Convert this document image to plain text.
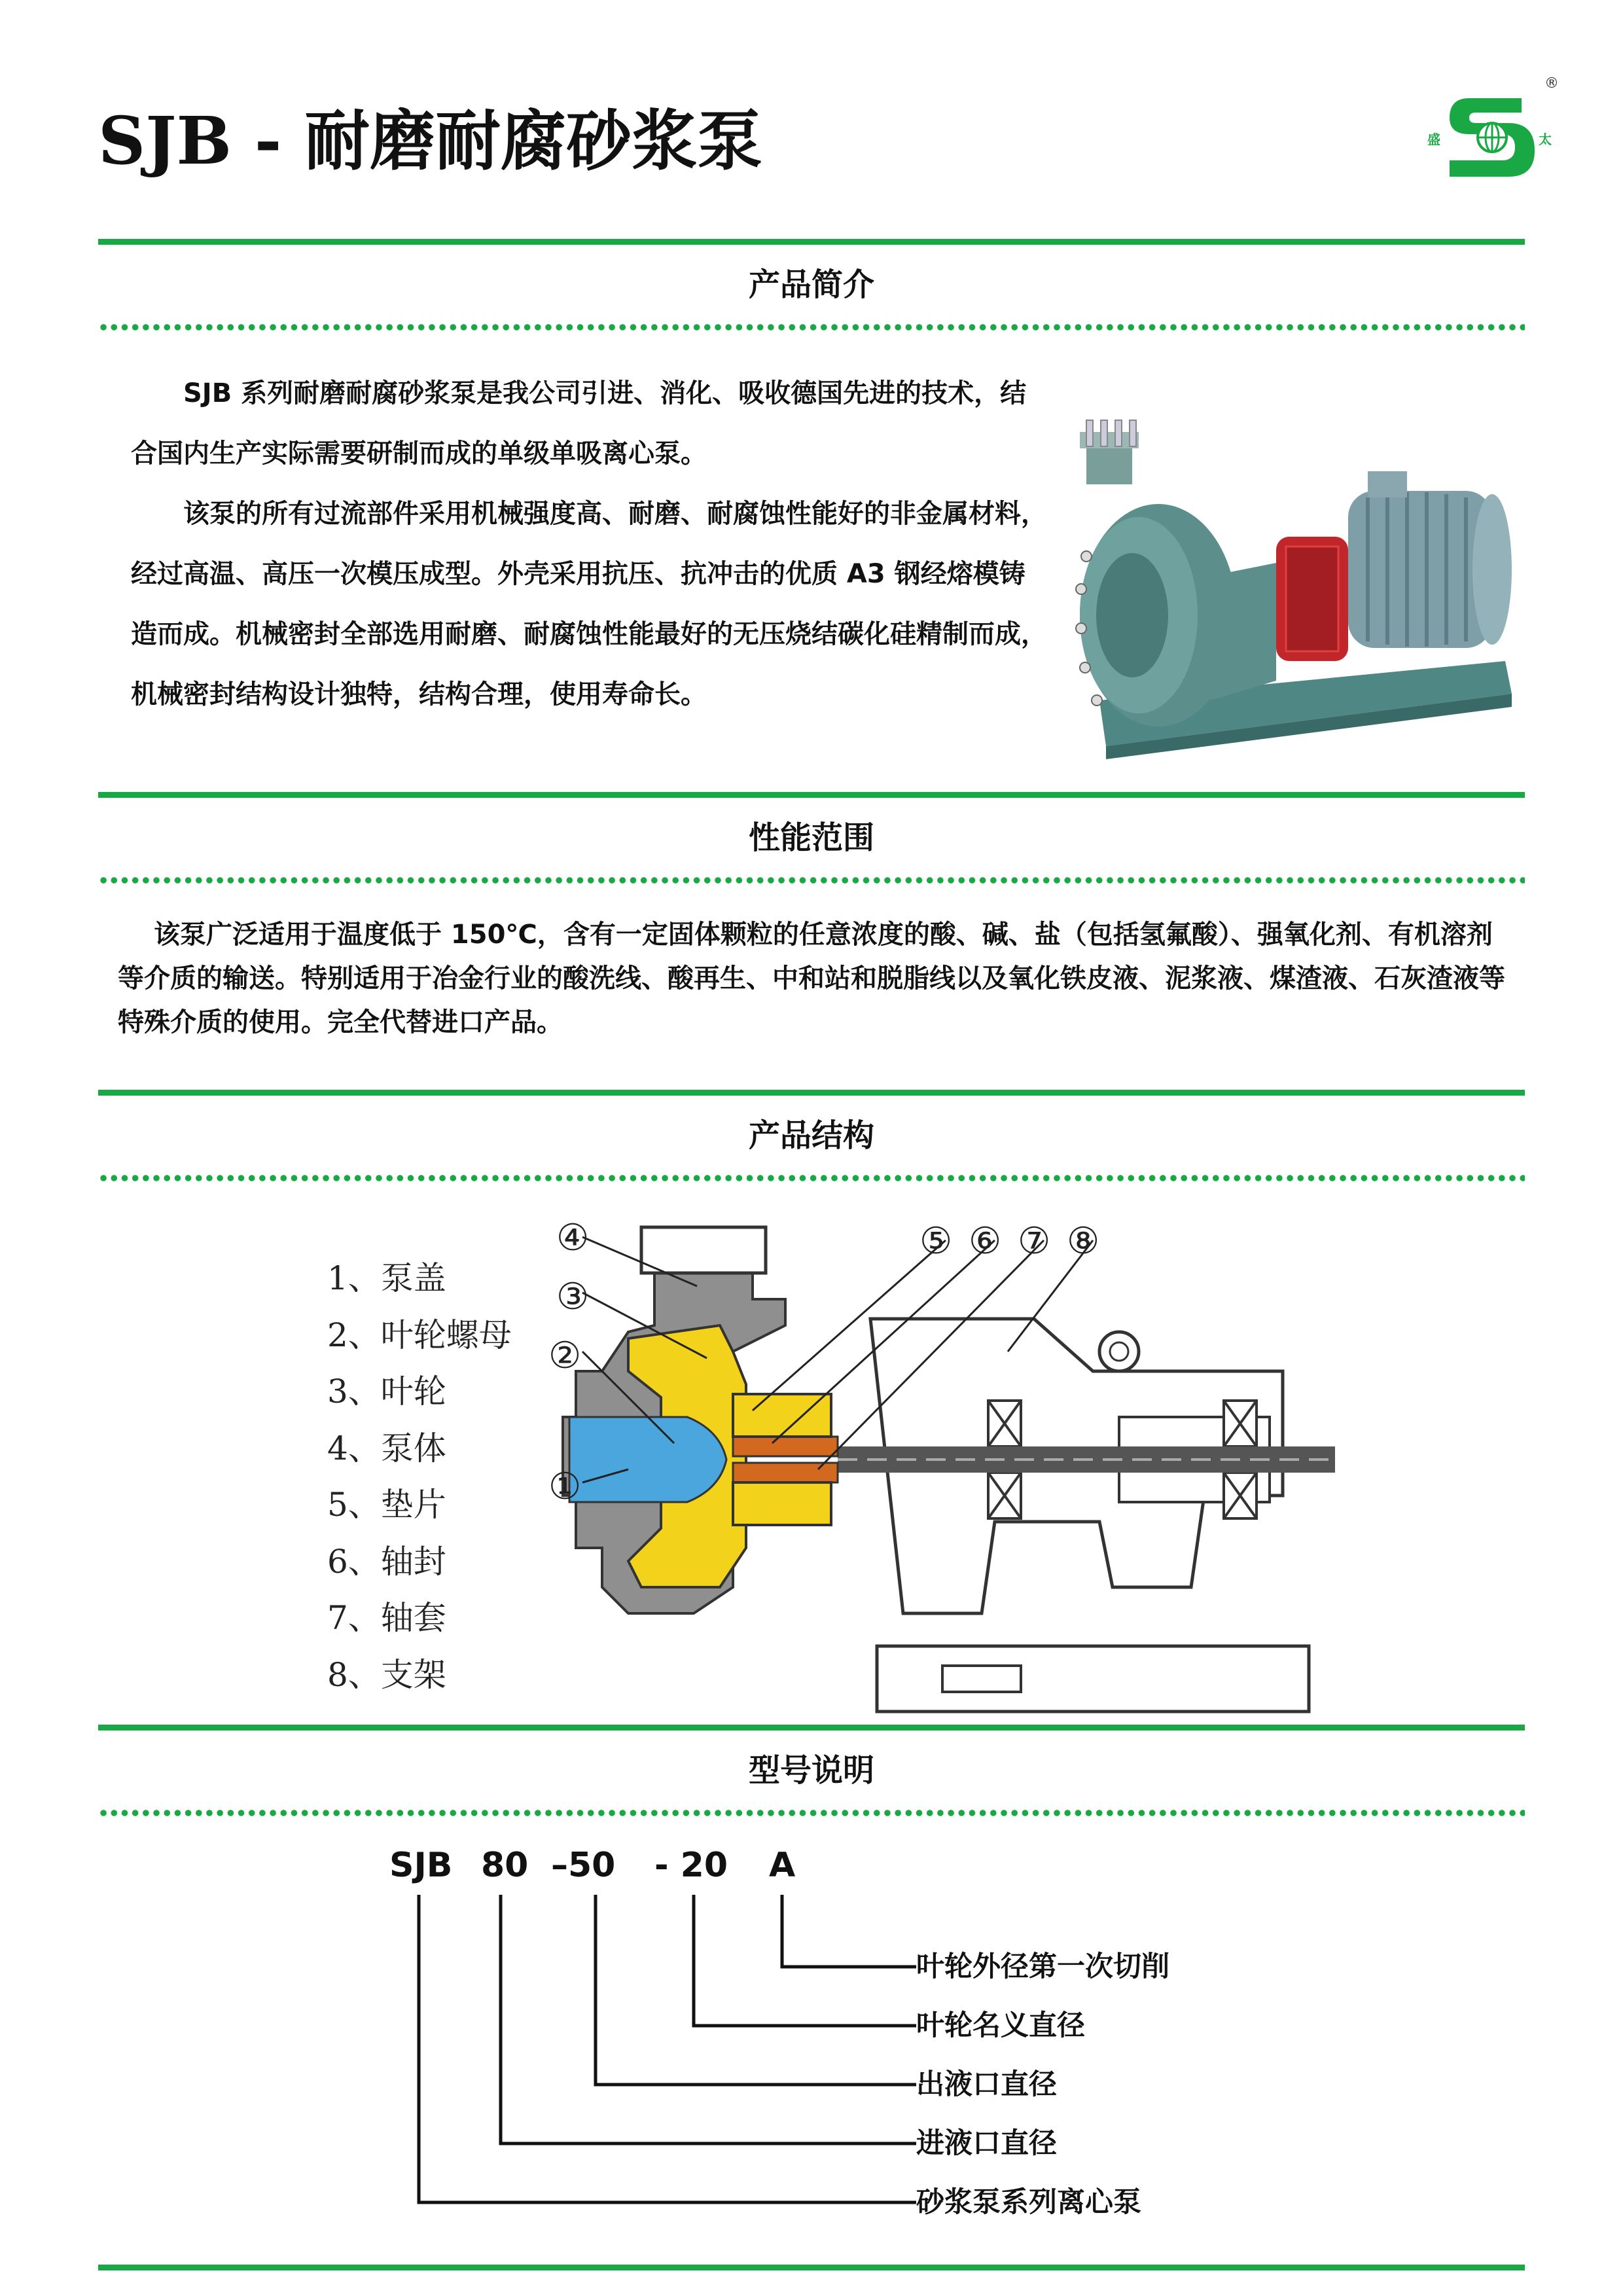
SJB - 耐磨耐腐砂浆泵
®
盛	太
产品简介

SJB 系列耐磨耐腐砂浆泵是我公司引进、消化、吸收德国先进的技术，结合国内生产实际需要研制而成的单级单吸离心泵。

该泵的所有过流部件采用机械强度高、耐磨、耐腐蚀性能好的非金属材料，经过高温、高压一次模压成型。外壳采用抗压、抗冲击的优质 A3 钢经熔模铸造而成。机械密封全部选用耐磨、耐腐蚀性能最好的无压烧结碳化硅精制而成，机械密封结构设计独特，结构合理，使用寿命长。

性能范围

该泵广泛适用于温度低于 150℃，含有一定固体颗粒的任意浓度的酸、碱、盐（包括氢氟酸）、强氧化剂、有机溶剂等介质的输送。特别适用于冶金行业的酸洗线、酸再生、中和站和脱脂线以及氧化铁皮液、泥浆液、煤渣液、石灰渣液等特殊介质的使用。完全代替进口产品。

产品结构
1、泵盖
2、叶轮螺母
3、叶轮
4、泵体
5、垫片
6、轴封
7、轴套
8、支架
④
③
②
①
⑤ ⑥ ⑦ ⑧
型号说明
SJB 80 –50 - 20 A
叶轮外径第一次切削
叶轮名义直径
出液口直径
进液口直径
砂浆泵系列离心泵
